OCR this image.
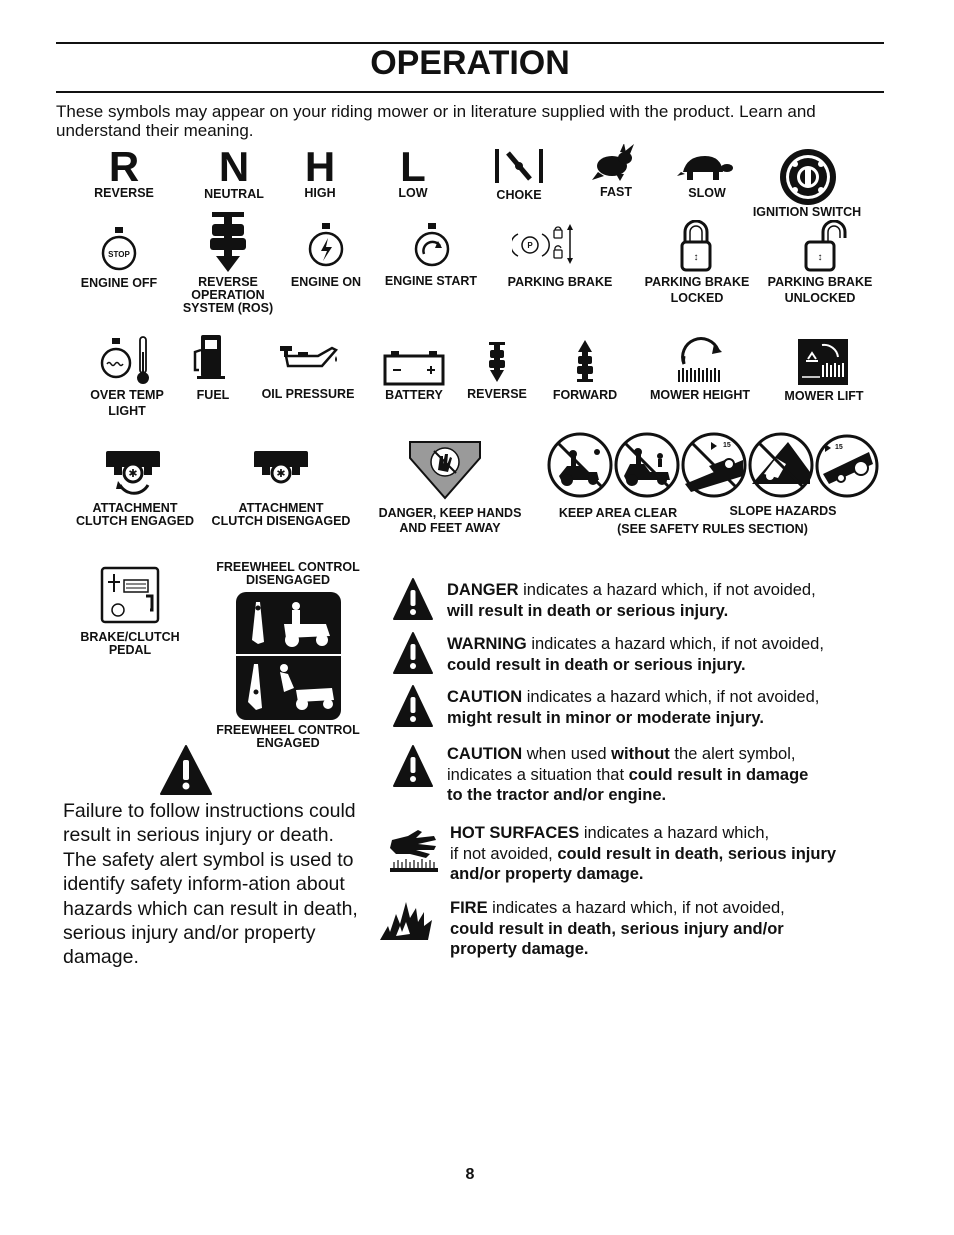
OPERATION
These symbols may appear on your riding mower or in literature supplied with the product. Learn and understand their meaning.
R
REVERSE
N
NEUTRAL
H
HIGH
L
LOW	CHOKE	FAST	SLOW
IGNITION SWITCH
STOP
ENGINE OFF	REVERSE
OPERATION
SYSTEM (ROS)
ENGINE ON	ENGINE START
P
PARKING BRAKE
↕
PARKING BRAKE
LOCKED
↕
PARKING BRAKE
UNLOCKED
OVER TEMP
LIGHT
FUEL	OIL PRESSURE	BATTERY	REVERSE	FORWARD	MOWER HEIGHT	MOWER LIFT
✱
ATTACHMENT
CLUTCH ENGAGED
✱
ATTACHMENT
CLUTCH DISENGAGED
DANGER, KEEP HANDS
AND FEET AWAY
15	15
KEEP AREA CLEAR	SLOPE HAZARDS
(SEE SAFETY RULES SECTION)
BRAKE/CLUTCH
PEDAL
FREEWHEEL CONTROL
DISENGAGED
FREEWHEEL CONTROL
ENGAGED
Failure to follow instructions could result in serious injury or death. The safety alert symbol is used to identify safety inform-ation about hazards which can result in death, serious injury and/or property damage.
DANGER indicates a hazard which, if not avoided,
will result in death or serious injury.
WARNING indicates a hazard which, if not avoided,
could result in death or serious injury.
CAUTION indicates a hazard which, if not avoided,
might result in minor or moderate injury.
CAUTION when used without the alert symbol,
indicates a situation that could result in damage
to the tractor and/or engine.
HOT SURFACES indicates a hazard which,
if not avoided, could result in death, serious injury
and/or property damage.
FIRE indicates a hazard which, if not avoided,
could result in death, serious injury and/or
property damage.
8
